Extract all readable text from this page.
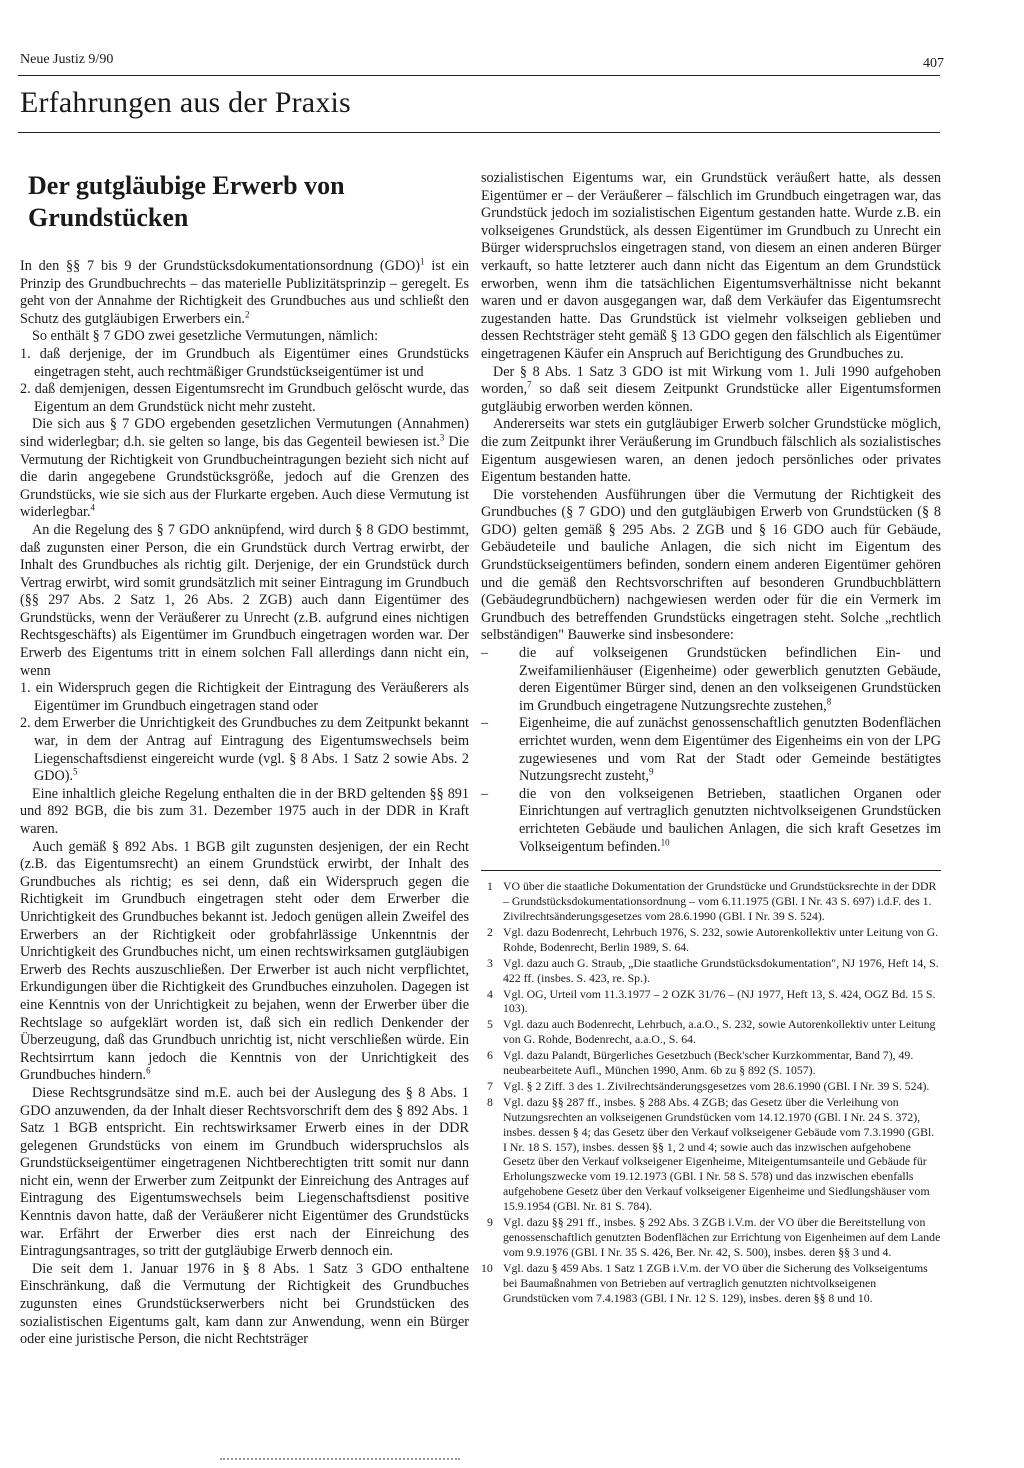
Neue Justiz 9/90	407
Erfahrungen aus der Praxis
Der gutgläubige Erwerb von Grundstücken

In den §§ 7 bis 9 der Grundstücksdokumentationsordnung (GDO)$^1$ ist ein Prinzip des Grundbuchrechts – das materielle Publizitätsprinzip – geregelt. Es geht von der Annahme der Richtigkeit des Grundbuches aus und schließt den Schutz des gutgläubigen Erwerbers ein.$^2$

So enthält § 7 GDO zwei gesetzliche Vermutungen, nämlich:

1. daß derjenige, der im Grundbuch als Eigentümer eines Grundstücks eingetragen steht, auch rechtmäßiger Grundstückseigentümer ist und

2. daß demjenigen, dessen Eigentumsrecht im Grundbuch gelöscht wurde, das Eigentum an dem Grundstück nicht mehr zusteht.

Die sich aus § 7 GDO ergebenden gesetzlichen Vermutungen (Annahmen) sind widerlegbar; d.h. sie gelten so lange, bis das Gegenteil bewiesen ist.$^3$ Die Vermutung der Richtigkeit von Grundbucheintragungen bezieht sich nicht auf die darin angegebene Grundstücksgröße, jedoch auf die Grenzen des Grundstücks, wie sie sich aus der Flurkarte ergeben. Auch diese Vermutung ist widerlegbar.$^4$

An die Regelung des § 7 GDO anknüpfend, wird durch § 8 GDO bestimmt, daß zugunsten einer Person, die ein Grundstück durch Vertrag erwirbt, der Inhalt des Grundbuches als richtig gilt. Derjenige, der ein Grundstück durch Vertrag erwirbt, wird somit grundsätzlich mit seiner Eintragung im Grundbuch (§§ 297 Abs. 2 Satz 1, 26 Abs. 2 ZGB) auch dann Eigentümer des Grundstücks, wenn der Veräußerer zu Unrecht (z.B. aufgrund eines nichtigen Rechtsgeschäfts) als Eigentümer im Grundbuch eingetragen worden war. Der Erwerb des Eigentums tritt in einem solchen Fall allerdings dann nicht ein, wenn

1. ein Widerspruch gegen die Richtigkeit der Eintragung des Veräußerers als Eigentümer im Grundbuch eingetragen stand oder

2. dem Erwerber die Unrichtigkeit des Grundbuches zu dem Zeitpunkt bekannt war, in dem der Antrag auf Eintragung des Eigentumswechsels beim Liegenschaftsdienst eingereicht wurde (vgl. § 8 Abs. 1 Satz 2 sowie Abs. 2 GDO).$^5$

Eine inhaltlich gleiche Regelung enthalten die in der BRD geltenden §§ 891 und 892 BGB, die bis zum 31. Dezember 1975 auch in der DDR in Kraft waren.

Auch gemäß § 892 Abs. 1 BGB gilt zugunsten desjenigen, der ein Recht (z.B. das Eigentumsrecht) an einem Grundstück erwirbt, der Inhalt des Grundbuches als richtig; es sei denn, daß ein Widerspruch gegen die Richtigkeit im Grundbuch eingetragen steht oder dem Erwerber die Unrichtigkeit des Grundbuches bekannt ist. Jedoch genügen allein Zweifel des Erwerbers an der Richtigkeit oder grobfahrlässige Unkenntnis der Unrichtigkeit des Grundbuches nicht, um einen rechtswirksamen gutgläubigen Erwerb des Rechts auszuschließen. Der Erwerber ist auch nicht verpflichtet, Erkundigungen über die Richtigkeit des Grundbuches einzuholen. Dagegen ist eine Kenntnis von der Unrichtigkeit zu bejahen, wenn der Erwerber über die Rechtslage so aufgeklärt worden ist, daß sich ein redlich Denkender der Überzeugung, daß das Grundbuch unrichtig ist, nicht verschließen würde. Ein Rechtsirrtum kann jedoch die Kenntnis von der Unrichtigkeit des Grundbuches hindern.$^6$

Diese Rechtsgrundsätze sind m.E. auch bei der Auslegung des § 8 Abs. 1 GDO anzuwenden, da der Inhalt dieser Rechtsvorschrift dem des § 892 Abs. 1 Satz 1 BGB entspricht. Ein rechtswirksamer Erwerb eines in der DDR gelegenen Grundstücks von einem im Grundbuch widerspruchslos als Grundstückseigentümer eingetragenen Nichtberechtigten tritt somit nur dann nicht ein, wenn der Erwerber zum Zeitpunkt der Einreichung des Antrages auf Eintragung des Eigentumswechsels beim Liegenschaftsdienst positive Kenntnis davon hatte, daß der Veräußerer nicht Eigentümer des Grundstücks war. Erfährt der Erwerber dies erst nach der Einreichung des Eintragungsantrages, so tritt der gutgläubige Erwerb dennoch ein.

Die seit dem 1. Januar 1976 in § 8 Abs. 1 Satz 3 GDO enthaltene Einschränkung, daß die Vermutung der Richtigkeit des Grundbuches zugunsten eines Grundstückserwerbers nicht bei Grundstücken des sozialistischen Eigentums galt, kam dann zur Anwendung, wenn ein Bürger oder eine juristische Person, die nicht Rechtsträger

sozialistischen Eigentums war, ein Grundstück veräußert hatte, als dessen Eigentümer er – der Veräußerer – fälschlich im Grundbuch eingetragen war, das Grundstück jedoch im sozialistischen Eigentum gestanden hatte. Wurde z.B. ein volkseigenes Grundstück, als dessen Eigentümer im Grundbuch zu Unrecht ein Bürger widerspruchslos eingetragen stand, von diesem an einen anderen Bürger verkauft, so hatte letzterer auch dann nicht das Eigentum an dem Grundstück erworben, wenn ihm die tatsächlichen Eigentumsverhältnisse nicht bekannt waren und er davon ausgegangen war, daß dem Verkäufer das Eigentumsrecht zugestanden hatte. Das Grundstück ist vielmehr volkseigen geblieben und dessen Rechtsträger steht gemäß § 13 GDO gegen den fälschlich als Eigentümer eingetragenen Käufer ein Anspruch auf Berichtigung des Grundbuches zu.

Der § 8 Abs. 1 Satz 3 GDO ist mit Wirkung vom 1. Juli 1990 aufgehoben worden,$^7$ so daß seit diesem Zeitpunkt Grundstücke aller Eigentumsformen gutgläubig erworben werden können.

Andererseits war stets ein gutgläubiger Erwerb solcher Grundstücke möglich, die zum Zeitpunkt ihrer Veräußerung im Grundbuch fälschlich als sozialistisches Eigentum ausgewiesen waren, an denen jedoch persönliches oder privates Eigentum bestanden hatte.

Die vorstehenden Ausführungen über die Vermutung der Richtigkeit des Grundbuches (§ 7 GDO) und den gutgläubigen Erwerb von Grundstücken (§ 8 GDO) gelten gemäß § 295 Abs. 2 ZGB und § 16 GDO auch für Gebäude, Gebäudeteile und bauliche Anlagen, die sich nicht im Eigentum des Grundstückseigentümers befinden, sondern einem anderen Eigentümer gehören und die gemäß den Rechtsvorschriften auf besonderen Grundbuchblättern (Gebäudegrundbüchern) nachgewiesen werden oder für die ein Vermerk im Grundbuch des betreffenden Grundstücks eingetragen steht. Solche „rechtlich selbständigen" Bauwerke sind insbesondere:

– die auf volkseigenen Grundstücken befindlichen Ein- und Zweifamilienhäuser (Eigenheime) oder gewerblich genutzten Gebäude, deren Eigentümer Bürger sind, denen an den volkseigenen Grundstücken im Grundbuch eingetragene Nutzungsrechte zustehen,$^8$
– Eigenheime, die auf zunächst genossenschaftlich genutzten Bodenflächen errichtet wurden, wenn dem Eigentümer des Eigenheims ein von der LPG zugewiesenes und vom Rat der Stadt oder Gemeinde bestätigtes Nutzungsrecht zusteht,$^9$
– die von den volkseigenen Betrieben, staatlichen Organen oder Einrichtungen auf vertraglich genutzten nichtvolkseigenen Grundstücken errichteten Gebäude und baulichen Anlagen, die sich kraft Gesetzes im Volkseigentum befinden.$^{10}$
1 VO über die staatliche Dokumentation der Grundstücke und Grundstücksrechte in der DDR – Grundstücksdokumentationsordnung – vom 6.11.1975 (GBl. I Nr. 43 S. 697) i.d.F. des 1. Zivilrechtsänderungsgesetzes vom 28.6.1990 (GBl. I Nr. 39 S. 524).
2 Vgl. dazu Bodenrecht, Lehrbuch 1976, S. 232, sowie Autorenkollektiv unter Leitung von G. Rohde, Bodenrecht, Berlin 1989, S. 64.
3 Vgl. dazu auch G. Straub, „Die staatliche Grundstücksdokumentation", NJ 1976, Heft 14, S. 422 ff. (insbes. S. 423, re. Sp.).
4 Vgl. OG, Urteil vom 11.3.1977 – 2 OZK 31/76 – (NJ 1977, Heft 13, S. 424, OGZ Bd. 15 S. 103).
5 Vgl. dazu auch Bodenrecht, Lehrbuch, a.a.O., S. 232, sowie Autorenkollektiv unter Leitung von G. Rohde, Bodenrecht, a.a.O., S. 64.
6 Vgl. dazu Palandt, Bürgerliches Gesetzbuch (Beck'scher Kurzkommentar, Band 7), 49. neubearbeitete Aufl., München 1990, Anm. 6b zu § 892 (S. 1057).
7 Vgl. § 2 Ziff. 3 des 1. Zivilrechtsänderungsgesetzes vom 28.6.1990 (GBl. I Nr. 39 S. 524).
8 Vgl. dazu §§ 287 ff., insbes. § 288 Abs. 4 ZGB; das Gesetz über die Verleihung von Nutzungsrechten an volkseigenen Grundstücken vom 14.12.1970 (GBl. I Nr. 24 S. 372), insbes. dessen § 4; das Gesetz über den Verkauf volkseigener Gebäude vom 7.3.1990 (GBl. I Nr. 18 S. 157), insbes. dessen §§ 1, 2 und 4; sowie auch das inzwischen aufgehobene Gesetz über den Verkauf volkseigener Eigenheime, Miteigentumsanteile und Gebäude für Erholungszwecke vom 19.12.1973 (GBl. I Nr. 58 S. 578) und das inzwischen ebenfalls aufgehobene Gesetz über den Verkauf volkseigener Eigenheime und Siedlungshäuser vom 15.9.1954 (GBl. Nr. 81 S. 784).
9 Vgl. dazu §§ 291 ff., insbes. § 292 Abs. 3 ZGB i.V.m. der VO über die Bereitstellung von genossenschaftlich genutzten Bodenflächen zur Errichtung von Eigenheimen auf dem Lande vom 9.9.1976 (GBl. I Nr. 35 S. 426, Ber. Nr. 42, S. 500), insbes. deren §§ 3 und 4.
10 Vgl. dazu § 459 Abs. 1 Satz 1 ZGB i.V.m. der VO über die Sicherung des Volkseigentums bei Baumaßnahmen von Betrieben auf vertraglich genutzten nichtvolkseigenen Grundstücken vom 7.4.1983 (GBl. I Nr. 12 S. 129), insbes. deren §§ 8 und 10.
